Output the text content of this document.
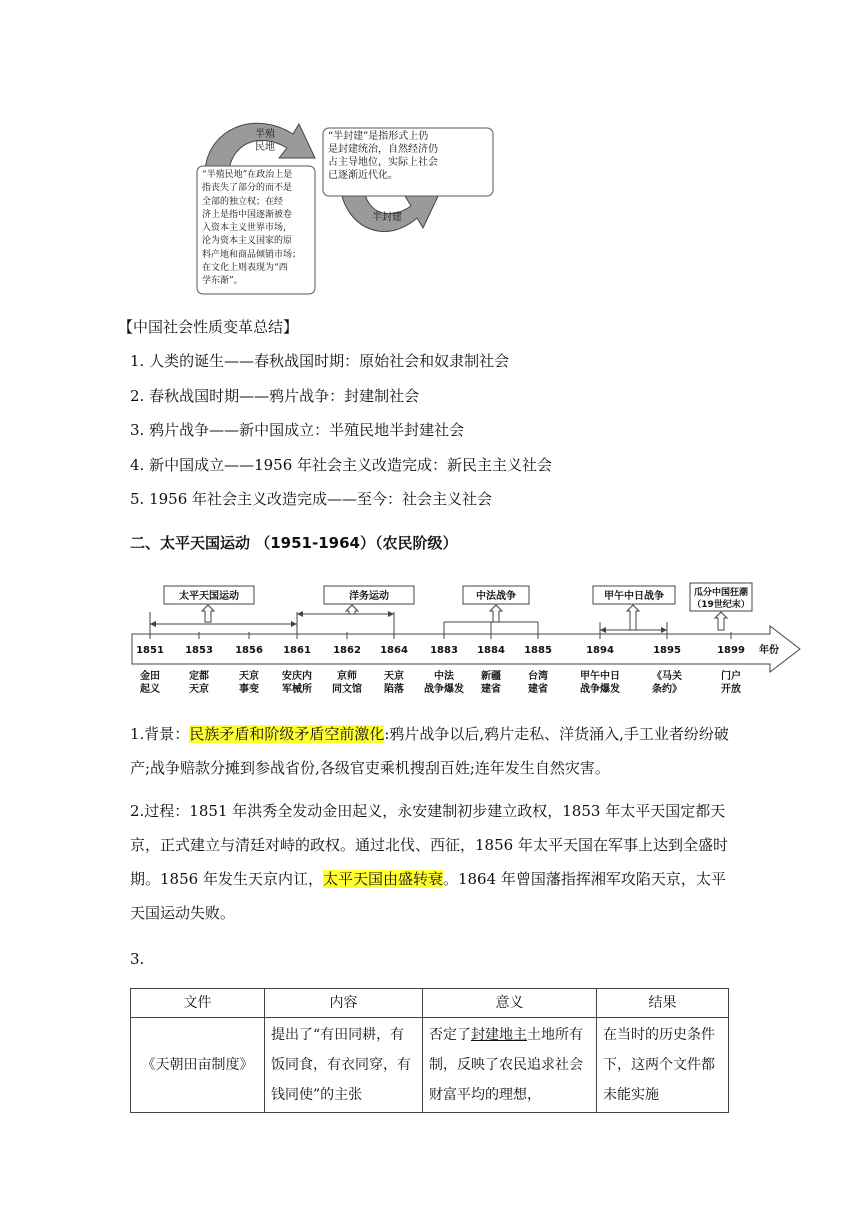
半殖
民地
半封建
“半封建”是指形式上仍
是封建统治，自然经济仍
占主导地位，实际上社会
已逐渐近代化。
“半殖民地”在政治上是
指丧失了部分的而不是
全部的独立权；在经
济上是指中国逐渐被卷
入资本主义世界市场，
沦为资本主义国家的原
料产地和商品倾销市场；
在文化上则表现为“西
学东渐”。
【中国社会性质变革总结】
1. 人类的诞生——春秋战国时期：原始社会和奴隶制社会
2. 春秋战国时期——鸦片战争：封建制社会
3. 鸦片战争——新中国成立：半殖民地半封建社会
4. 新中国成立——1956 年社会主义改造完成：新民主主义社会
5. 1956 年社会主义改造完成——至今：社会主义社会
二、太平天国运动 （1951-1964）（农民阶级）
1851
金田
起义
1853
定都
天京
1856
天京
事变
1861
安庆内
军械所
1862
京师
同文馆
1864
天京
陷落
1883
中法
战争爆发
1884
新疆
建省
1885
台湾
建省
1894
甲午中日
战争爆发
1895
《马关
条约》
1899
门户
开放
年份
太平天国运动	洋务运动	中法战争	甲午中日战争	瓜分中国狂潮
（19世纪末）
1.背景：民族矛盾和阶级矛盾空前激化:鸦片战争以后,鸦片走私、洋货涌入,手工业者纷纷破产;战争赔款分摊到参战省份,各级官吏乘机搜刮百姓;连年发生自然灾害。
2.过程：1851 年洪秀全发动金田起义，永安建制初步建立政权，1853 年太平天国定都天京，正式建立与清廷对峙的政权。通过北伐、西征，1856 年太平天国在军事上达到全盛时期。1856 年发生天京内讧，太平天国由盛转衰。1864 年曾国藩指挥湘军攻陷天京，太平天国运动失败。
3.
文件	内容	意义	结果
《天朝田亩制度》	提出了“有田同耕，有饭同食，有衣同穿，有钱同使”的主张	否定了封建地主土地所有制，反映了农民追求社会财富平均的理想，	在当时的历史条件下，这两个文件都未能实施
